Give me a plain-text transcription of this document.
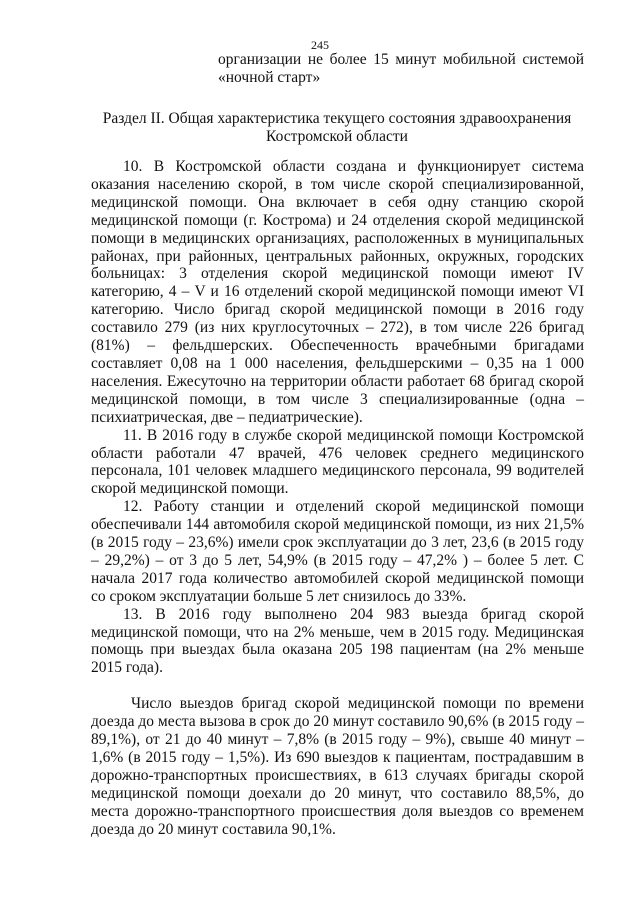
245
организации не более 15 минут мобильной системой
«ночной старт»
Раздел II. Общая характеристика текущего состояния здравоохранения Костромской области

10. В Костромской области создана и функционирует система оказания населению скорой, в том числе скорой специализированной, медицинской помощи. Она включает в себя одну станцию скорой медицинской помощи (г. Кострома) и 24 отделения скорой медицинской помощи в медицинских организациях, расположенных в муниципальных районах, при районных, центральных районных, окружных, городских больницах: 3 отделения скорой медицинской помощи имеют IV категорию, 4 – V и 16 отделений скорой медицинской помощи имеют VI категорию. Число бригад скорой медицинской помощи в 2016 году составило 279 (из них круглосуточных – 272), в том числе 226 бригад (81%) – фельдшерских. Обеспеченность врачебными бригадами составляет 0,08 на 1 000 населения, фельдшерскими – 0,35 на 1 000 населения. Ежесуточно на территории области работает 68 бригад скорой медицинской помощи, в том числе 3 специализированные (одна – психиатрическая, две – педиатрические).

11. В 2016 году в службе скорой медицинской помощи Костромской области работали 47 врачей, 476 человек среднего медицинского персонала, 101 человек младшего медицинского персонала, 99 водителей скорой медицинской помощи.

12. Работу станции и отделений скорой медицинской помощи обеспечивали 144 автомобиля скорой медицинской помощи, из них 21,5% (в 2015 году – 23,6%) имели срок эксплуатации до 3 лет, 23,6 (в 2015 году – 29,2%) – от 3 до 5 лет, 54,9% (в 2015 году – 47,2% ) – более 5 лет. С начала 2017 года количество автомобилей скорой медицинской помощи со сроком эксплуатации больше 5 лет снизилось до 33%.

13. В 2016 году выполнено 204 983 выезда бригад скорой медицинской помощи, что на 2% меньше, чем в 2015 году. Медицинская помощь при выездах была оказана 205 198 пациентам (на 2% меньше 2015 года).

Число выездов бригад скорой медицинской помощи по времени доезда до места вызова в срок до 20 минут составило 90,6% (в 2015 году – 89,1%), от 21 до 40 минут – 7,8% (в 2015 году – 9%), свыше 40 минут – 1,6% (в 2015 году – 1,5%). Из 690 выездов к пациентам, пострадавшим в дорожно-транспортных происшествиях, в 613 случаях бригады скорой медицинской помощи доехали до 20 минут, что составило 88,5%, до места дорожно-транспортного происшествия доля выездов со временем доезда до 20 минут составила 90,1%.
